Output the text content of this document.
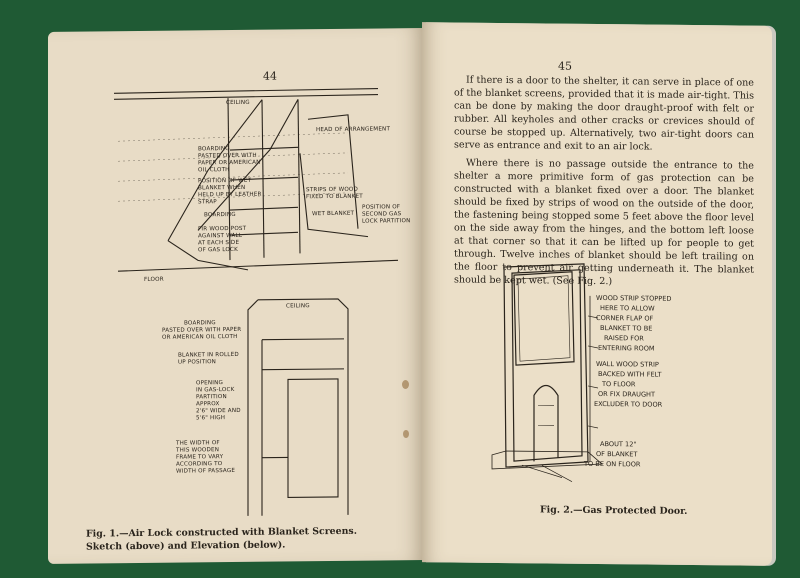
44
CEILING
HEAD OF ARRANGEMENT
BOARDING
PASTED OVER WITH
PAPER OR AMERICAN
OIL CLOTH
POSITION OF WET
BLANKET WHEN
HELD UP BY LEATHER
STRAP
BOARDING
FIR WOOD POST
AGAINST WALL
AT EACH SIDE
OF GAS LOCK
STRIPS OF WOOD
FIXED TO BLANKET
WET BLANKET
POSITION OF
SECOND GAS
LOCK PARTITION
FLOOR
CEILING
BOARDING
PASTED OVER WITH PAPER
OR AMERICAN OIL CLOTH
BLANKET IN ROLLED
UP POSITION
OPENING
IN GAS-LOCK
PARTITION
APPROX
2'6" WIDE AND
5'6" HIGH
THE WIDTH OF
THIS WOODEN
FRAME TO VARY
ACCORDING TO
WIDTH OF PASSAGE
Fig. 1.—Air Lock constructed with Blanket Screens.
Sketch (above) and Elevation (below).
45

If there is a door to the shelter, it can serve in place of one of the blanket screens, provided that it is made air-tight. This can be done by making the door draught-proof with felt or rubber. All keyholes and other cracks or crevices should of course be stopped up. Alternatively, two air-tight doors can serve as entrance and exit to an air lock.

Where there is no passage outside the entrance to the shelter a more primitive form of gas protection can be constructed with a blanket fixed over a door. The blanket should be fixed by strips of wood on the outside of the door, the fastening being stopped some 5 feet above the floor level on the side away from the hinges, and the bottom left loose at that corner so that it can be lifted up for people to get through. Twelve inches of blanket should be left trailing on the floor to prevent air getting underneath it. The blanket should be kept wet. (See Fig. 2.)

WOOD STRIP STOPPED
HERE TO ALLOW
CORNER FLAP OF
BLANKET TO BE
RAISED FOR
ENTERING ROOM
WALL WOOD STRIP
BACKED WITH FELT
TO FLOOR
OR FIX DRAUGHT
EXCLUDER TO DOOR
ABOUT 12"
OF BLANKET
TO BE ON FLOOR
Fig. 2.—Gas Protected Door.
